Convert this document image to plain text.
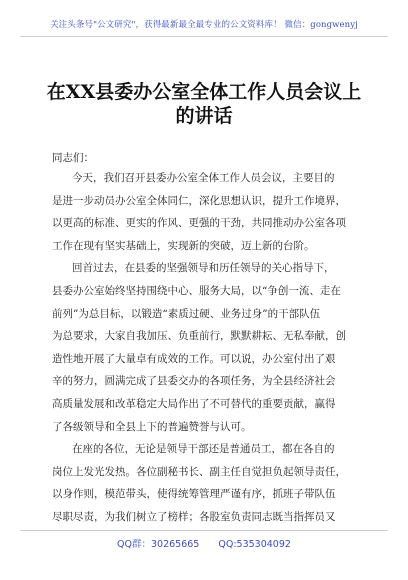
关注头条号"公文研究"，获得最新最全最专业的公文资料库！ 微信：gongwenyj
在XX县委办公室全体工作人员会议上
的讲话
同志们：
今天，我们召开县委办公室全体工作人员会议，主要目的
是进一步动员办公室全体同仁，深化思想认识，提升工作境界，
以更高的标准、更实的作风、更强的干劲，共同推动办公室各项
工作在现有坚实基础上，实现新的突破，迈上新的台阶。
回首过去，在县委的坚强领导和历任领导的关心指导下，
县委办公室始终坚持围绕中心、服务大局，以“争创一流、走在
前列”为总目标，以锻造“素质过硬、业务过身”的干部队伍
为总要求，大家自我加压、负重前行，默默耕耘、无私奉献，创
造性地开展了大量卓有成效的工作。可以说，办公室付出了艰
辛的努力，圆满完成了县委交办的各项任务，为全县经济社会
高质量发展和改革稳定大局作出了不可替代的重要贡献，赢得
了各级领导和全县上下的普遍赞誉与认可。
在座的各位，无论是领导干部还是普通员工，都在各自的
岗位上发光发热。各位副秘书长、副主任自觉担负起领导责任，
以身作则，模范带头，使得统筹管理严谨有序，抓班子带队伍
尽职尽责，为我们树立了榜样；各股室负责同志既当指挥员又
QQ群：30265665 QQ:535304092
